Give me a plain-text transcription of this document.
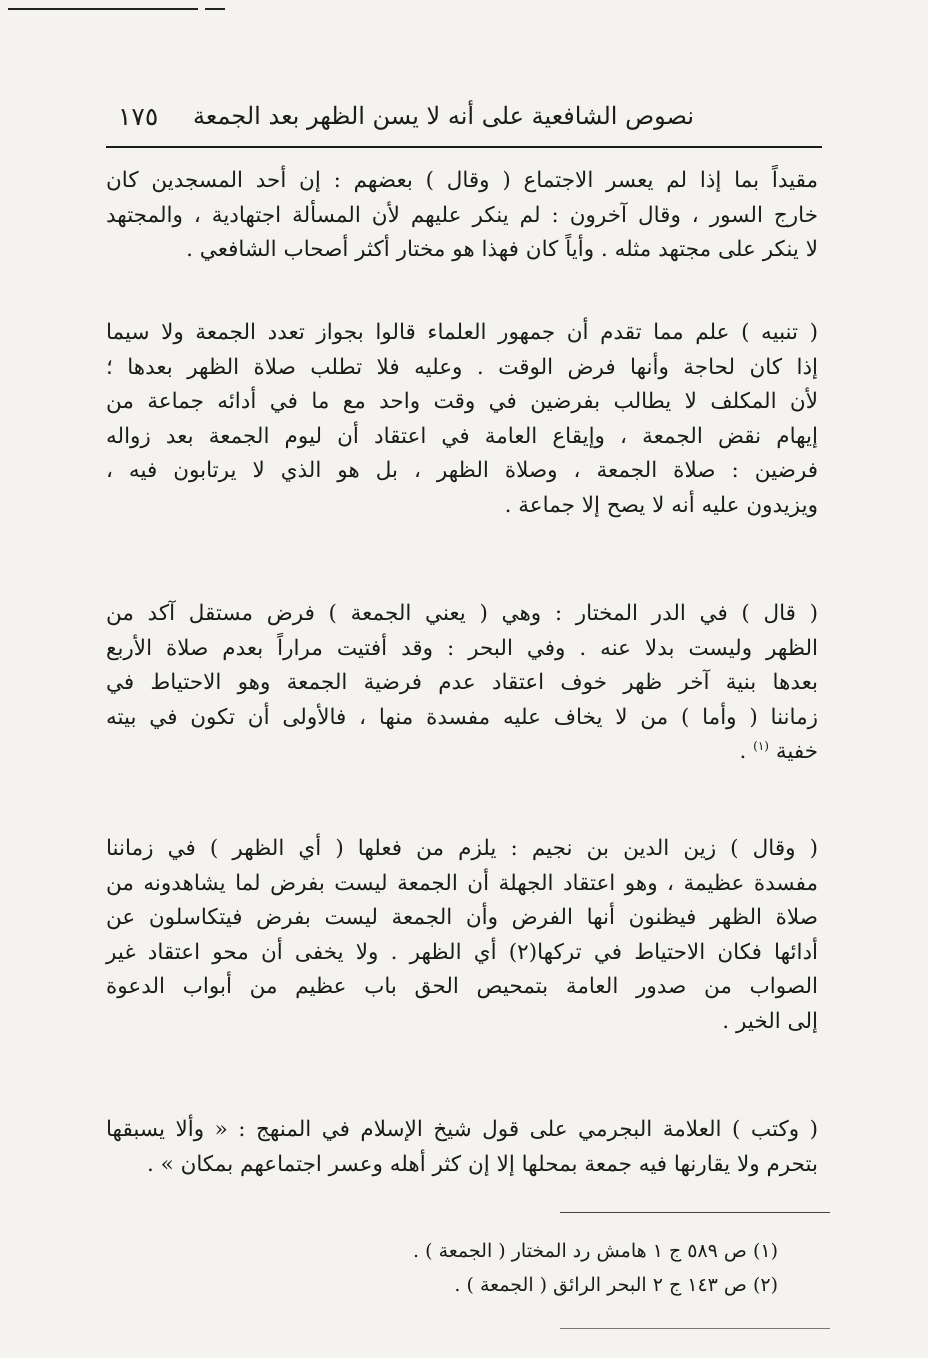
نصوص الشافعية على أنه لا يسن الظهر بعد الجمعة
١٧٥
مقيداً بما إذا لم يعسر الاجتماع ( وقال ) بعضهم : إن أحد المسجدين كان
خارج السور ، وقال آخرون : لم ينكر عليهم لأن المسألة اجتهادية ، والمجتهد
لا ينكر على مجتهد مثله . وأياً كان فهذا هو مختار أكثر أصحاب الشافعي .
( تنبيه ) علم مما تقدم أن جمهور العلماء قالوا بجواز تعدد الجمعة ولا سيما
إذا كان لحاجة وأنها فرض الوقت . وعليه فلا تطلب صلاة الظهر بعدها ؛
لأن المكلف لا يطالب بفرضين في وقت واحد مع ما في أدائه جماعة من
إيهام نقض الجمعة ، وإيقاع العامة في اعتقاد أن ليوم الجمعة بعد زواله
فرضين : صلاة الجمعة ، وصلاة الظهر ، بل هو الذي لا يرتابون فيه ،
ويزيدون عليه أنه لا يصح إلا جماعة .
( قال ) في الدر المختار : وهي ( يعني الجمعة ) فرض مستقل آكد من
الظهر وليست بدلا عنه . وفي البحر : وقد أفتيت مراراً بعدم صلاة الأربع
بعدها بنية آخر ظهر خوف اعتقاد عدم فرضية الجمعة وهو الاحتياط في
زماننا ( وأما ) من لا يخاف عليه مفسدة منها ، فالأولى أن تكون في بيته
خفية $^{(١)}$ .
( وقال ) زين الدين بن نجيم : يلزم من فعلها ( أي الظهر ) في زماننا
مفسدة عظيمة ، وهو اعتقاد الجهلة أن الجمعة ليست بفرض لما يشاهدونه من
صلاة الظهر فيظنون أنها الفرض وأن الجمعة ليست بفرض فيتكاسلون عن
أدائها فكان الاحتياط في تركها(٢) أي الظهر . ولا يخفى أن محو اعتقاد غير
الصواب من صدور العامة بتمحيص الحق باب عظيم من أبواب الدعوة
إلى الخير .
( وكتب ) العلامة البجرمي على قول شيخ الإسلام في المنهج : « وألا يسبقها
بتحرم ولا يقارنها فيه جمعة بمحلها إلا إن كثر أهله وعسر اجتماعهم بمكان » .
(١) ص ٥٨٩ ج ١ هامش رد المختار ( الجمعة ) .
(٢) ص ١٤٣ ج ٢ البحر الرائق ( الجمعة ) .
